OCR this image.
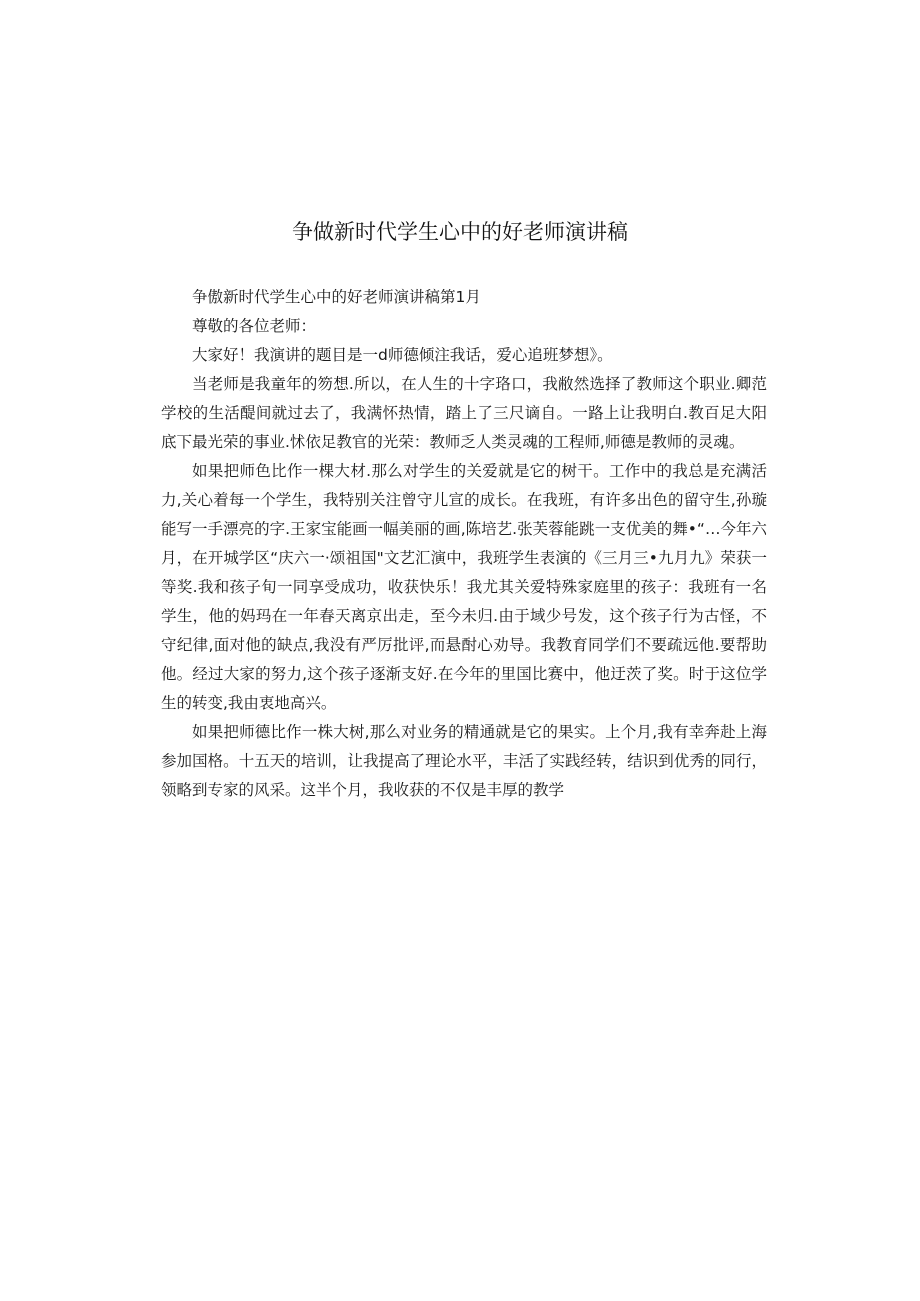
争做新时代学生心中的好老师演讲稿

争傲新时代学生心中的好老师演讲稿第1月

尊敬的各位老师：

大家好！我演讲的题目是一d师德倾注我话，爱心追班梦想》。

当老师是我童年的笏想.所以，在人生的十字珞口，我敝然选择了教师这个职业.卿范学校的生活醍间就过去了，我满怀热情，踏上了三尺谪自。一路上让我明白.教百足大阳底下最光荣的事业.怵依足教官的光荣：教师乏人类灵魂的工程师,师德是教师的灵魂。

如果把师色比作一棵大材.那么对学生的关爱就是它的树干。工作中的我总是充满活力,关心着每一个学生，我特别关注曾守儿宣的成长。在我班，有许多出色的留守生,孙璇能写一手漂亮的字.王家宝能画一幅美丽的画,陈培艺.张芙蓉能跳一支优美的舞•“…今年六月，在开城学区“庆六一·颂祖国"文艺汇演中，我班学生表演的《三月三•九月九》荣获一等奖.我和孩子旬一同享受成功，收获快乐！我尤其关爱特殊家庭里的孩子：我班有一名学生，他的妈玛在一年春天离京出走，至今未归.由于域少号发，这个孩子行为古怪，不守纪律,面对他的缺点,我没有严厉批评,而悬酎心劝导。我教育同学们不要疏远他.要帮助他。经过大家的努力,这个孩子逐渐支好.在今年的里国比赛中，他迂茨了奖。时于这位学生的转变,我由衷地高兴。

如果把师德比作一株大树,那么对业务的精通就是它的果实。上个月,我有幸奔赴上海参加国格。十五天的培训，让我提高了理论水平，丰活了实践经转，结识到优秀的同行，领略到专家的风采。这半个月，我收获的不仅是丰厚的教学
